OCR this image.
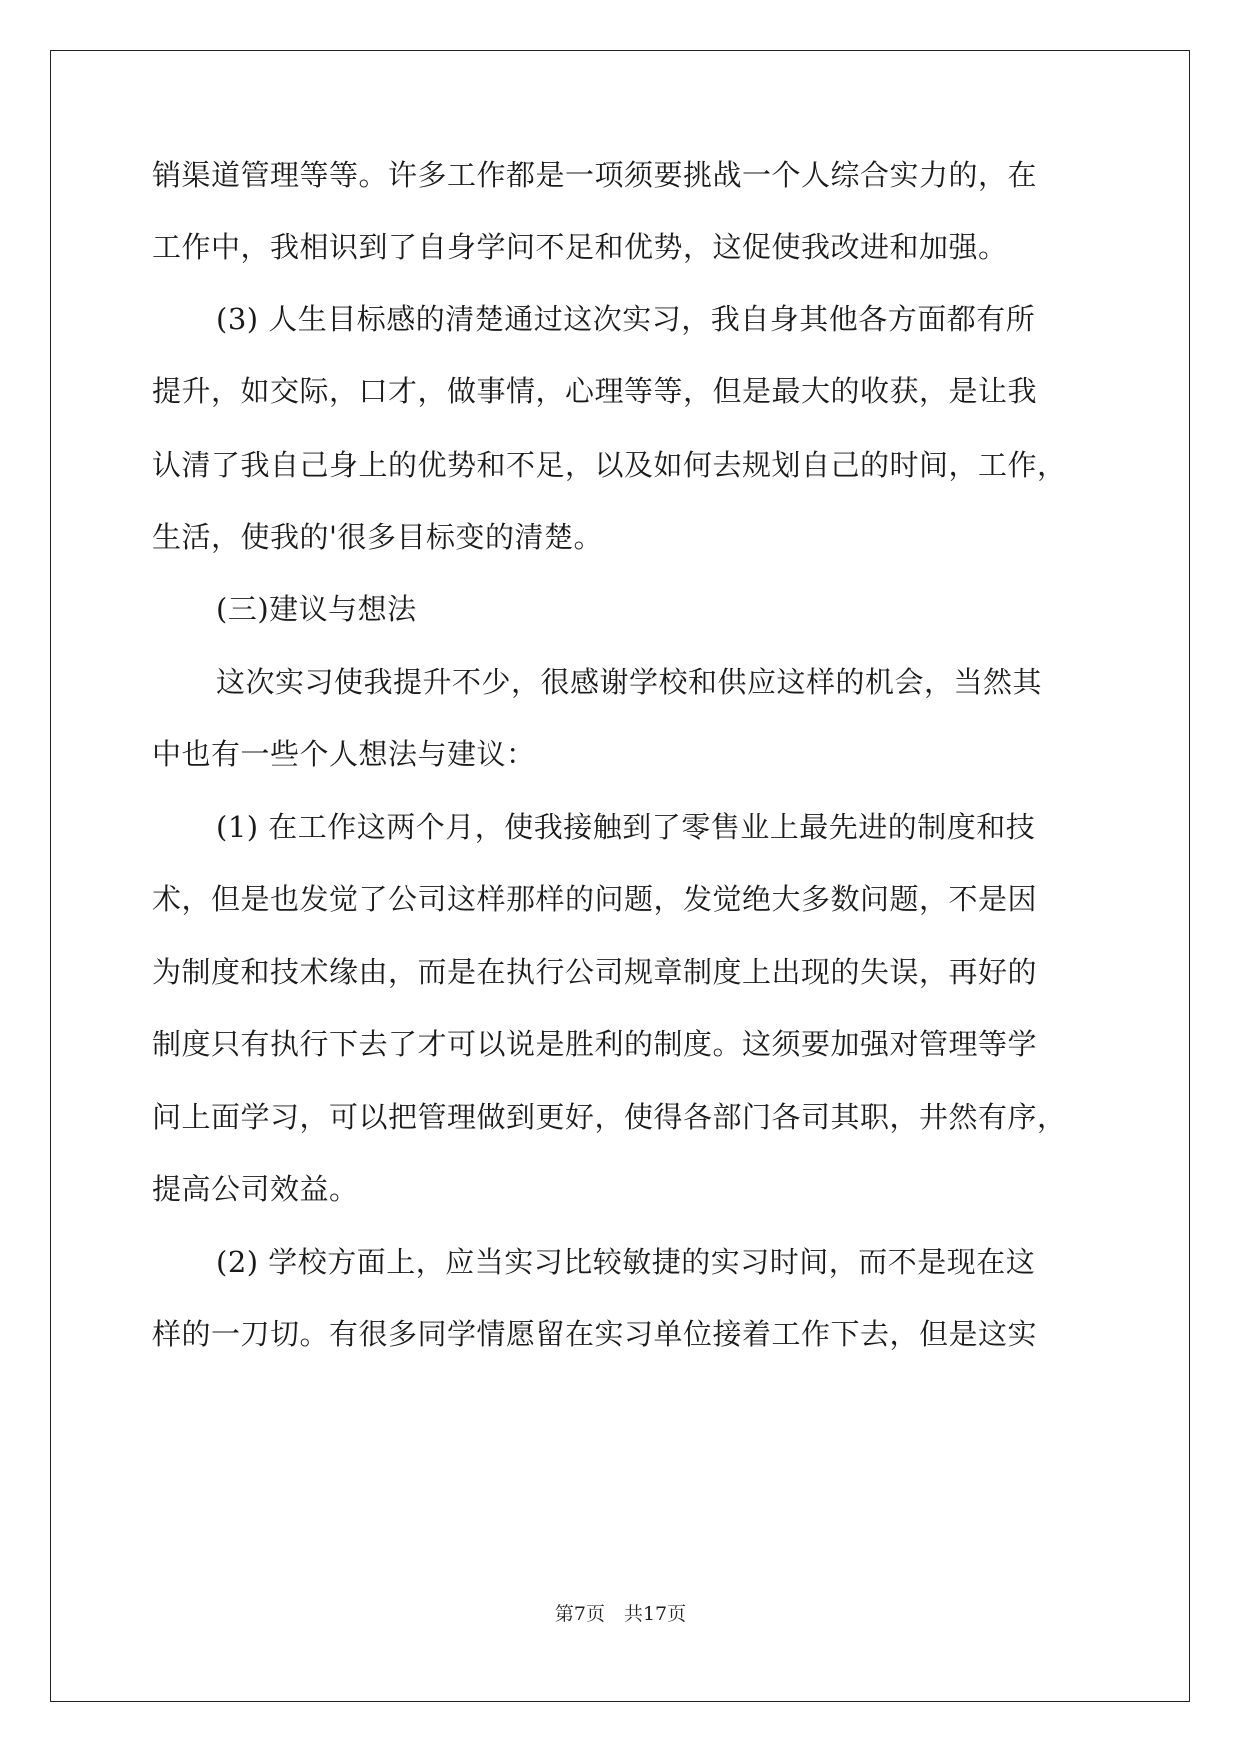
销渠道管理等等。许多工作都是一项须要挑战一个人综合实力的，在
工作中，我相识到了自身学问不足和优势，这促使我改进和加强。
(3) 人生目标感的清楚通过这次实习，我自身其他各方面都有所
提升，如交际，口才，做事情，心理等等，但是最大的收获，是让我
认清了我自己身上的优势和不足，以及如何去规划自己的时间，工作，
生活，使我的'很多目标变的清楚。
(三)建议与想法
这次实习使我提升不少，很感谢学校和供应这样的机会，当然其
中也有一些个人想法与建议：
(1) 在工作这两个月，使我接触到了零售业上最先进的制度和技
术，但是也发觉了公司这样那样的问题，发觉绝大多数问题，不是因
为制度和技术缘由，而是在执行公司规章制度上出现的失误，再好的
制度只有执行下去了才可以说是胜利的制度。这须要加强对管理等学
问上面学习，可以把管理做到更好，使得各部门各司其职，井然有序，
提高公司效益。
(2) 学校方面上，应当实习比较敏捷的实习时间，而不是现在这
样的一刀切。有很多同学情愿留在实习单位接着工作下去，但是这实
第7页　共17页
